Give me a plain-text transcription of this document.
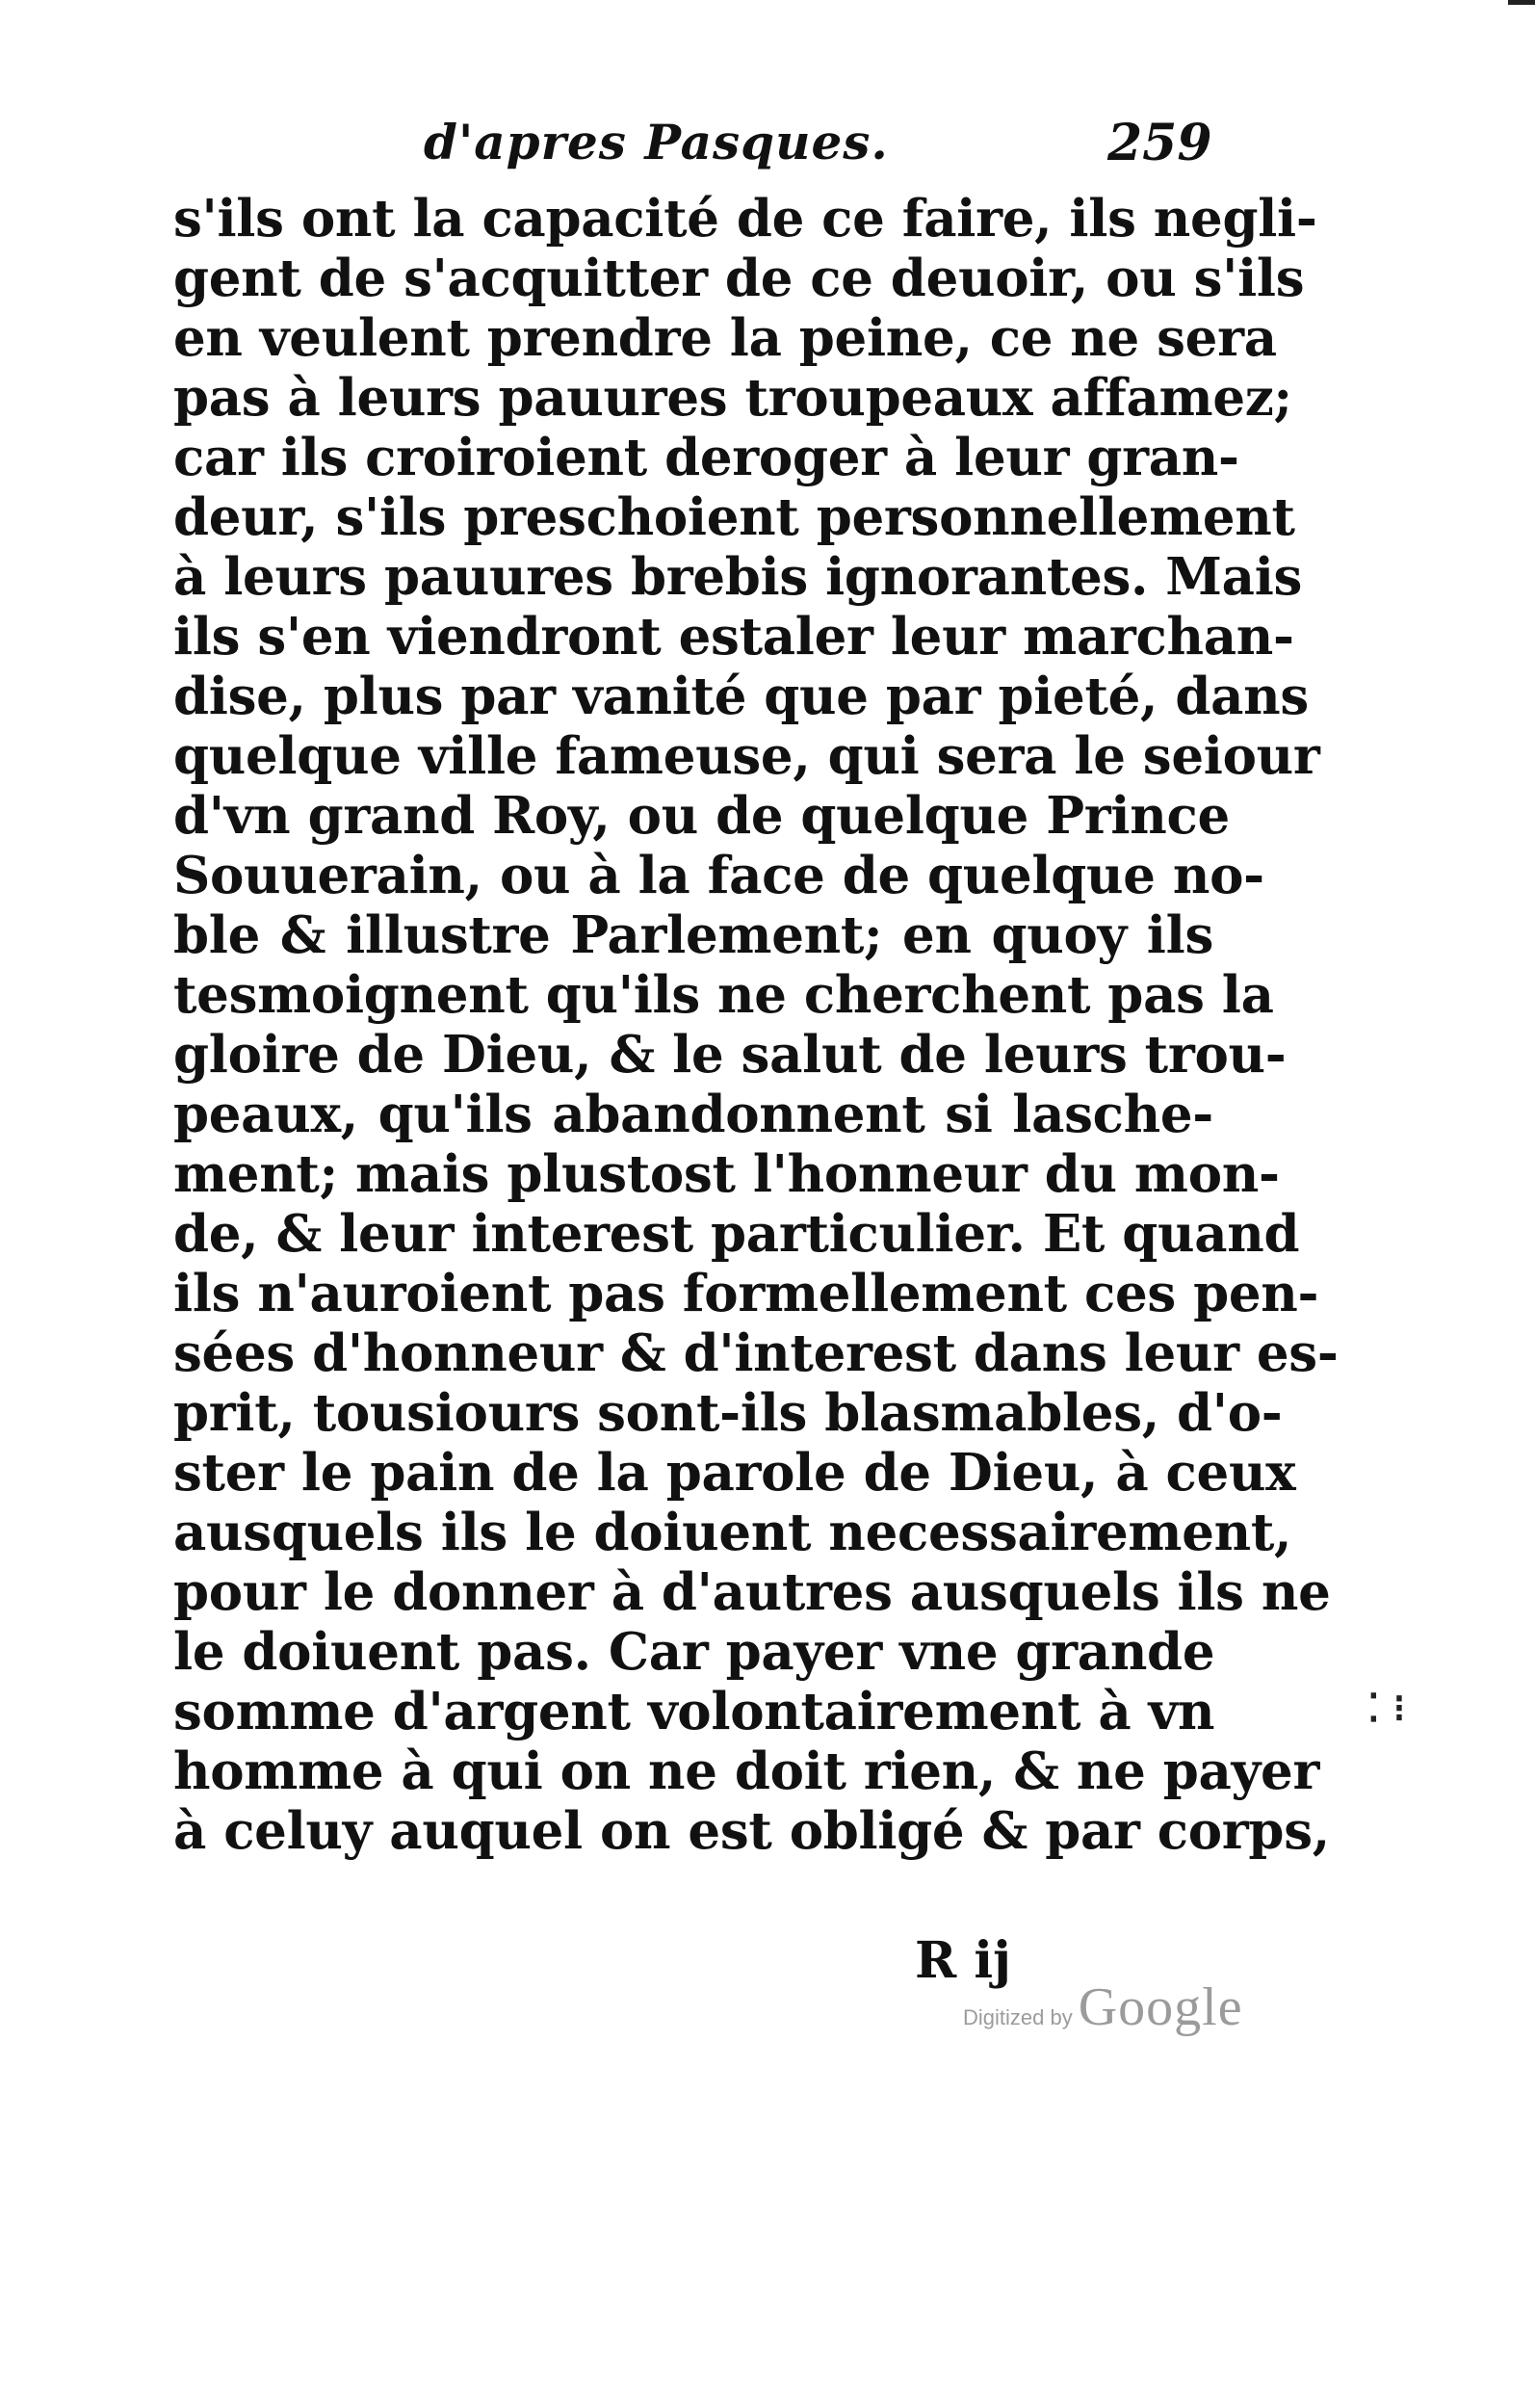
d'apres Pasques.	259
s'ils ont la capacité de ce faire, ils negli-
gent de s'acquitter de ce deuoir, ou s'ils
en veulent prendre la peine, ce ne sera
pas à leurs pauures troupeaux affamez;
car ils croiroient deroger à leur gran-
deur, s'ils preschoient personnellement
à leurs pauures brebis ignorantes. Mais
ils s'en viendront estaler leur marchan-
dise, plus par vanité que par pieté, dans
quelque ville fameuse, qui sera le seiour
d'vn grand Roy, ou de quelque Prince
Souuerain, ou à la face de quelque no-
ble & illustre Parlement; en quoy ils
tesmoignent qu'ils ne cherchent pas la
gloire de Dieu, & le salut de leurs trou-
peaux, qu'ils abandonnent si lasche-
ment; mais plustost l'honneur du mon-
de, & leur interest particulier. Et quand
ils n'auroient pas formellement ces pen-
sées d'honneur & d'interest dans leur es-
prit, tousiours sont-ils blasmables, d'o-
ster le pain de la parole de Dieu, à ceux
ausquels ils le doiuent necessairement,
pour le donner à d'autres ausquels ils ne
le doiuent pas. Car payer vne grande
somme d'argent volontairement à vn
homme à qui on ne doit rien, & ne payer
à celuy auquel on est obligé & par corps,
R ij
⁚ ⁝
Digitized by Google
